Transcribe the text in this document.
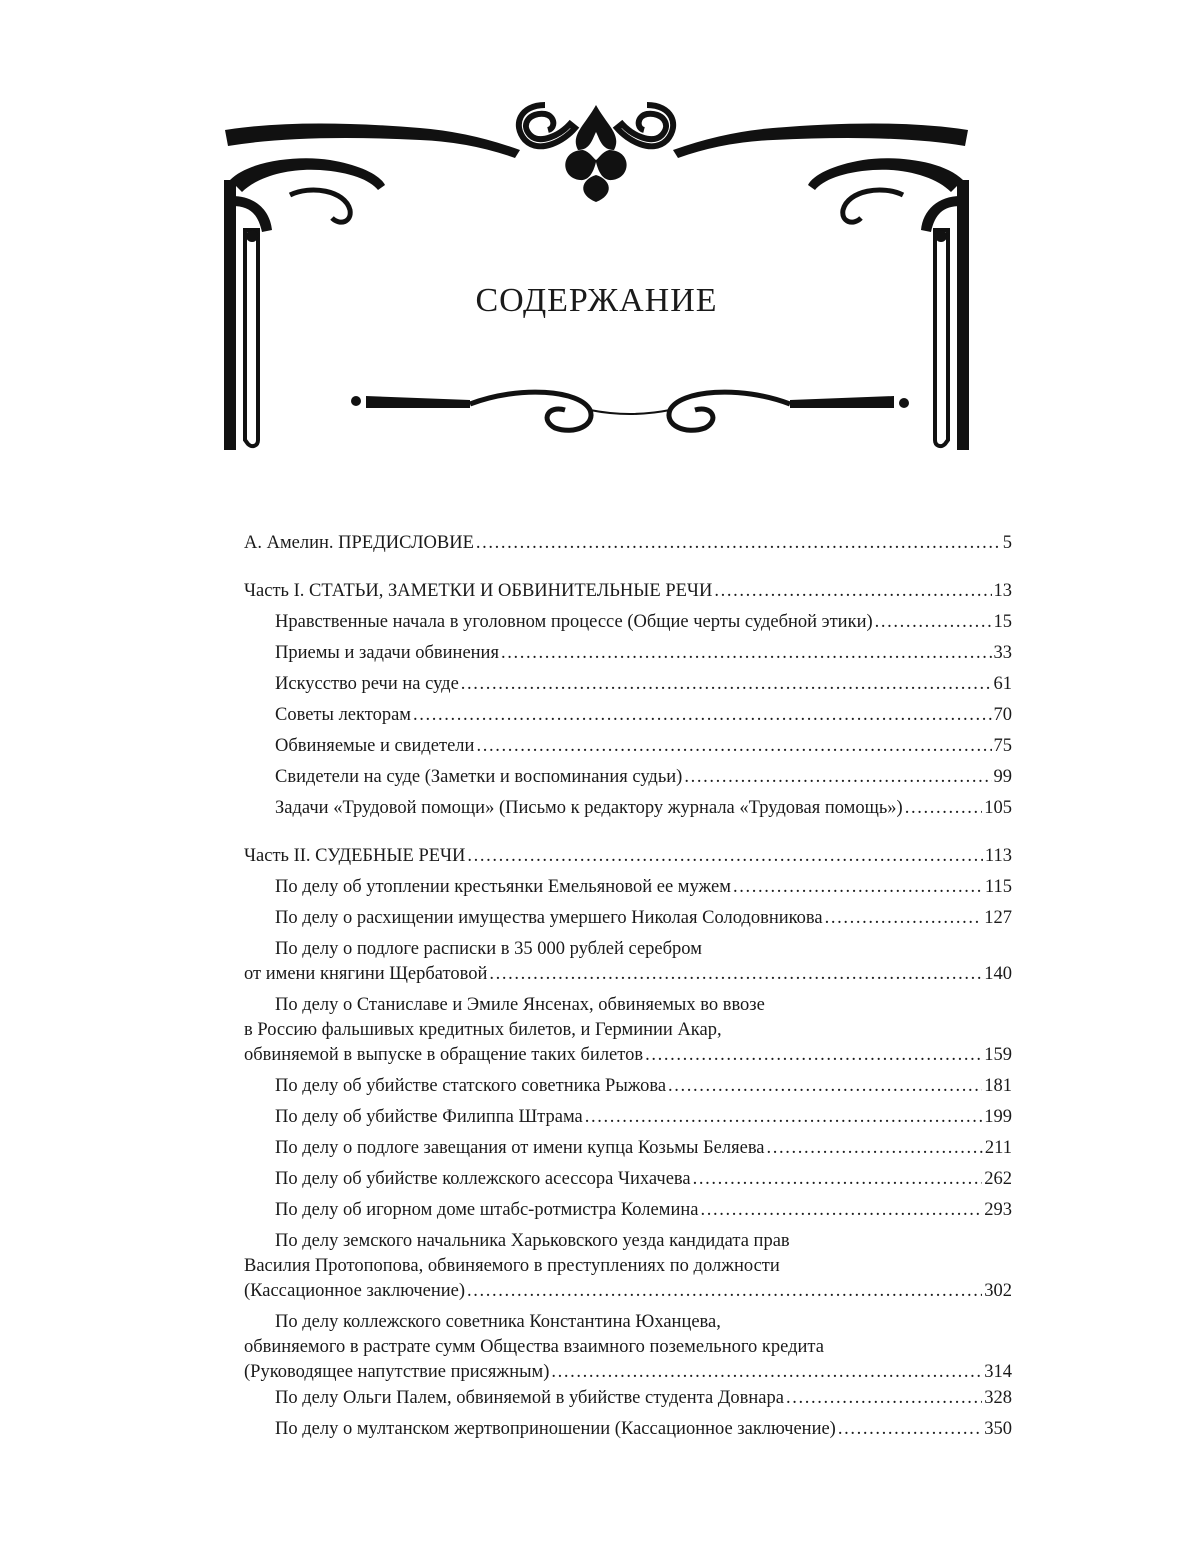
СОДЕРЖАНИЕ
А. Амелин. ПРЕДИСЛОВИЕ . . .	5
Часть I. СТАТЬИ, ЗАМЕТКИ И ОБВИНИТЕЛЬНЫЕ РЕЧИ . . .	13
Нравственные начала в уголовном процессе (Общие черты судебной этики) . . .	15
Приемы и задачи обвинения . . .	33
Искусство речи на суде . . .	61
Советы лекторам . . .	70
Обвиняемые и свидетели . . .	75
Свидетели на суде (Заметки и воспоминания судьи) . . .	99
Задачи «Трудовой помощи» (Письмо к редактору журнала «Трудовая помощь») . . .	105
Часть II. СУДЕБНЫЕ РЕЧИ . . .	113
По делу об утоплении крестьянки Емельяновой ее мужем . . .	115
По делу о расхищении имущества умершего Николая Солодовникова . . .	127
По делу о подлоге расписки в 35 000 рублей серебром
от имени княгини Щербатовой . . .	140
По делу о Станиславе и Эмиле Янсенах, обвиняемых во ввозе
в Россию фальшивых кредитных билетов, и Герминии Акар,
обвиняемой в выпуске в обращение таких билетов . . .	159
По делу об убийстве статского советника Рыжова . . .	181
По делу об убийстве Филиппа Штрама . . .	199
По делу о подлоге завещания от имени купца Козьмы Беляева . . .	211
По делу об убийстве коллежского асессора Чихачева . . .	262
По делу об игорном доме штабс-ротмистра Колемина . . .	293
По делу земского начальника Харьковского уезда кандидата прав
Василия Протопопова, обвиняемого в преступлениях по должности
(Кассационное заключение) . . .	302
По делу коллежского советника Константина Юханцева,
обвиняемого в растрате сумм Общества взаимного поземельного кредита
(Руководящее напутствие присяжным) . . .	314
По делу Ольги Палем, обвиняемой в убийстве студента Довнара . . .	328
По делу о мултанском жертвоприношении (Кассационное заключение) . . .	350
